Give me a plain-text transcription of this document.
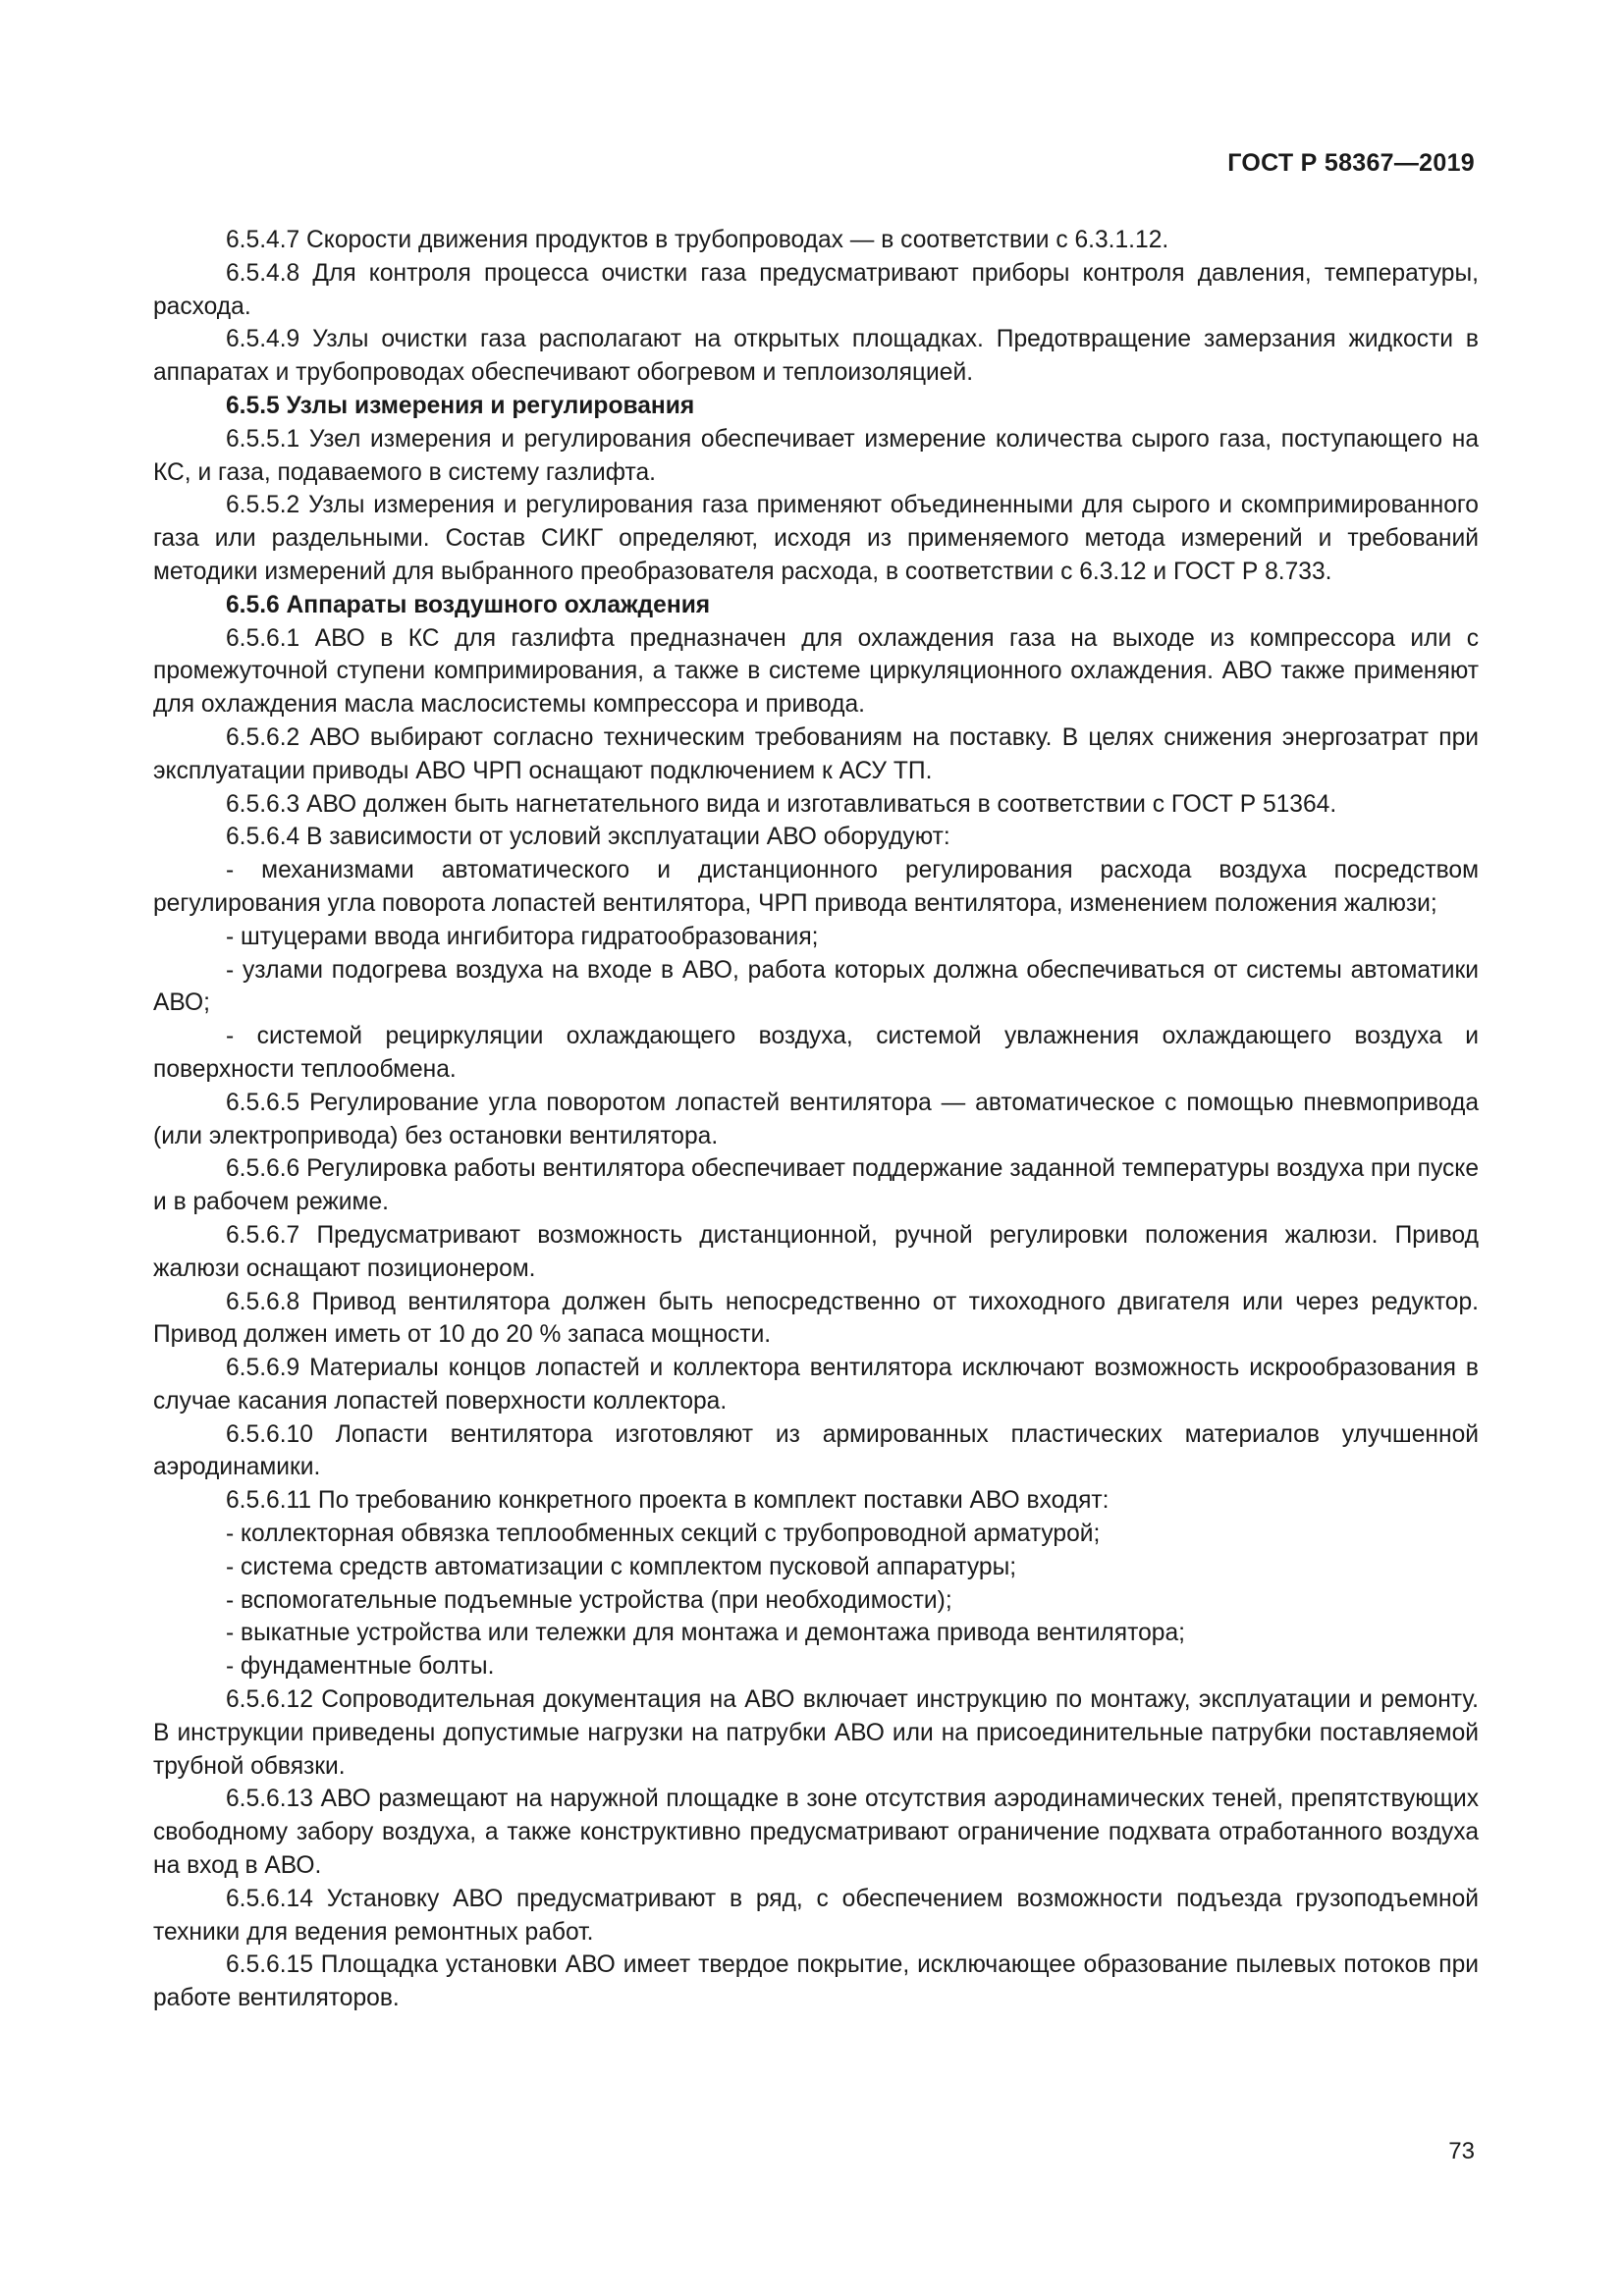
ГОСТ Р 58367—2019

6.5.4.7 Скорости движения продуктов в трубопроводах — в соответствии с 6.3.1.12.

6.5.4.8 Для контроля процесса очистки газа предусматривают приборы контроля давления, температуры, расхода.

6.5.4.9 Узлы очистки газа располагают на открытых площадках. Предотвращение замерзания жидкости в аппаратах и трубопроводах обеспечивают обогревом и теплоизоляцией.

6.5.5 Узлы измерения и регулирования

6.5.5.1 Узел измерения и регулирования обеспечивает измерение количества сырого газа, поступающего на КС, и газа, подаваемого в систему газлифта.

6.5.5.2 Узлы измерения и регулирования газа применяют объединенными для сырого и скомпримированного газа или раздельными. Состав СИКГ определяют, исходя из применяемого метода измерений и требований методики измерений для выбранного преобразователя расхода, в соответствии с 6.3.12 и ГОСТ Р 8.733.

6.5.6 Аппараты воздушного охлаждения

6.5.6.1 АВО в КС для газлифта предназначен для охлаждения газа на выходе из компрессора или с промежуточной ступени компримирования, а также в системе циркуляционного охлаждения. АВО также применяют для охлаждения масла маслосистемы компрессора и привода.

6.5.6.2 АВО выбирают согласно техническим требованиям на поставку. В целях снижения энергозатрат при эксплуатации приводы АВО ЧРП оснащают подключением к АСУ ТП.

6.5.6.3 АВО должен быть нагнетательного вида и изготавливаться в соответствии с ГОСТ Р 51364.

6.5.6.4 В зависимости от условий эксплуатации АВО оборудуют:

- механизмами автоматического и дистанционного регулирования расхода воздуха посредством регулирования угла поворота лопастей вентилятора, ЧРП привода вентилятора, изменением положения жалюзи;

- штуцерами ввода ингибитора гидратообразования;

- узлами подогрева воздуха на входе в АВО, работа которых должна обеспечиваться от системы автоматики АВО;

- системой рециркуляции охлаждающего воздуха, системой увлажнения охлаждающего воздуха и поверхности теплообмена.

6.5.6.5 Регулирование угла поворотом лопастей вентилятора — автоматическое с помощью пневмопривода (или электропривода) без остановки вентилятора.

6.5.6.6 Регулировка работы вентилятора обеспечивает поддержание заданной температуры воздуха при пуске и в рабочем режиме.

6.5.6.7 Предусматривают возможность дистанционной, ручной регулировки положения жалюзи. Привод жалюзи оснащают позиционером.

6.5.6.8 Привод вентилятора должен быть непосредственно от тихоходного двигателя или через редуктор. Привод должен иметь от 10 до 20 % запаса мощности.

6.5.6.9 Материалы концов лопастей и коллектора вентилятора исключают возможность искрообразования в случае касания лопастей поверхности коллектора.

6.5.6.10 Лопасти вентилятора изготовляют из армированных пластических материалов улучшенной аэродинамики.

6.5.6.11 По требованию конкретного проекта в комплект поставки АВО входят:

- коллекторная обвязка теплообменных секций с трубопроводной арматурой;

- система средств автоматизации с комплектом пусковой аппаратуры;

- вспомогательные подъемные устройства (при необходимости);

- выкатные устройства или тележки для монтажа и демонтажа привода вентилятора;

- фундаментные болты.

6.5.6.12 Сопроводительная документация на АВО включает инструкцию по монтажу, эксплуатации и ремонту. В инструкции приведены допустимые нагрузки на патрубки АВО или на присоединительные патрубки поставляемой трубной обвязки.

6.5.6.13 АВО размещают на наружной площадке в зоне отсутствия аэродинамических теней, препятствующих свободному забору воздуха, а также конструктивно предусматривают ограничение подхвата отработанного воздуха на вход в АВО.

6.5.6.14 Установку АВО предусматривают в ряд, с обеспечением возможности подъезда грузоподъемной техники для ведения ремонтных работ.

6.5.6.15 Площадка установки АВО имеет твердое покрытие, исключающее образование пылевых потоков при работе вентиляторов.

73
